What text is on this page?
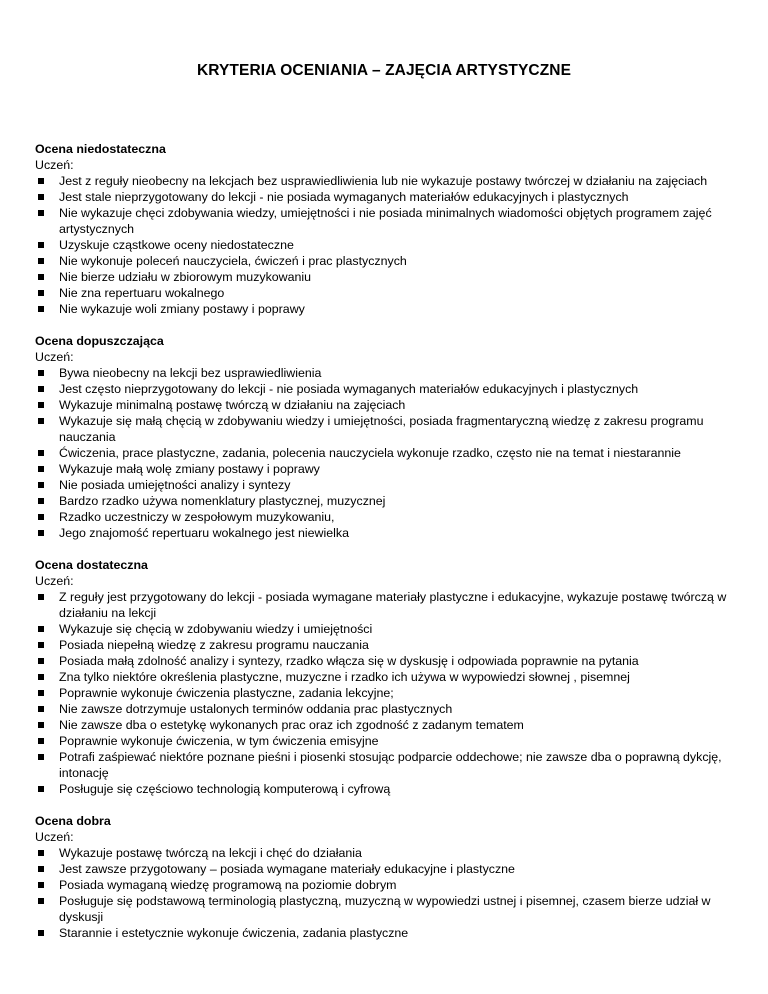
KRYTERIA OCENIANIA – ZAJĘCIA ARTYSTYCZNE
Ocena niedostateczna
Uczeń:
Jest z reguły nieobecny na lekcjach bez usprawiedliwienia lub nie wykazuje postawy twórczej w działaniu na zajęciach
Jest stale nieprzygotowany do lekcji - nie posiada wymaganych materiałów edukacyjnych i plastycznych
Nie wykazuje chęci zdobywania wiedzy, umiejętności i nie posiada minimalnych wiadomości objętych programem zajęć artystycznych
Uzyskuje cząstkowe oceny niedostateczne
Nie wykonuje poleceń nauczyciela, ćwiczeń i prac plastycznych
Nie bierze udziału w zbiorowym muzykowaniu
Nie zna repertuaru wokalnego
Nie wykazuje woli zmiany postawy i poprawy
Ocena dopuszczająca
Uczeń:
Bywa nieobecny na lekcji bez usprawiedliwienia
Jest często nieprzygotowany do lekcji - nie posiada wymaganych materiałów edukacyjnych i plastycznych
Wykazuje minimalną postawę twórczą w działaniu na zajęciach
Wykazuje się małą chęcią w zdobywaniu wiedzy i umiejętności, posiada fragmentaryczną wiedzę z zakresu programu nauczania
Ćwiczenia, prace plastyczne, zadania, polecenia nauczyciela wykonuje rzadko, często nie na temat i niestarannie
Wykazuje małą wolę zmiany postawy i poprawy
Nie posiada umiejętności analizy i syntezy
Bardzo rzadko używa nomenklatury plastycznej, muzycznej
Rzadko uczestniczy w zespołowym muzykowaniu,
Jego znajomość repertuaru wokalnego jest niewielka
Ocena dostateczna
Uczeń:
Z reguły jest przygotowany do lekcji - posiada wymagane materiały plastyczne i edukacyjne, wykazuje postawę twórczą w działaniu na lekcji
Wykazuje się chęcią w zdobywaniu wiedzy i umiejętności
Posiada niepełną wiedzę z zakresu programu nauczania
Posiada małą zdolność analizy i syntezy, rzadko włącza się w dyskusję i odpowiada poprawnie na pytania
Zna tylko niektóre określenia plastyczne, muzyczne i rzadko ich używa w wypowiedzi słownej , pisemnej
Poprawnie wykonuje ćwiczenia plastyczne, zadania lekcyjne;
Nie zawsze dotrzymuje ustalonych terminów oddania prac plastycznych
Nie zawsze dba o estetykę wykonanych prac oraz ich zgodność z zadanym tematem
Poprawnie wykonuje ćwiczenia, w tym ćwiczenia emisyjne
Potrafi zaśpiewać niektóre poznane pieśni i piosenki stosując podparcie oddechowe; nie zawsze dba o poprawną dykcję, intonację
Posługuje się częściowo technologią komputerową i cyfrową
Ocena dobra
Uczeń:
Wykazuje postawę twórczą na lekcji i chęć do działania
Jest zawsze przygotowany – posiada wymagane materiały edukacyjne i plastyczne
Posiada wymaganą wiedzę programową na poziomie dobrym
Posługuje się podstawową terminologią plastyczną, muzyczną w wypowiedzi ustnej i pisemnej, czasem bierze udział w dyskusji
Starannie i estetycznie wykonuje ćwiczenia, zadania plastyczne
